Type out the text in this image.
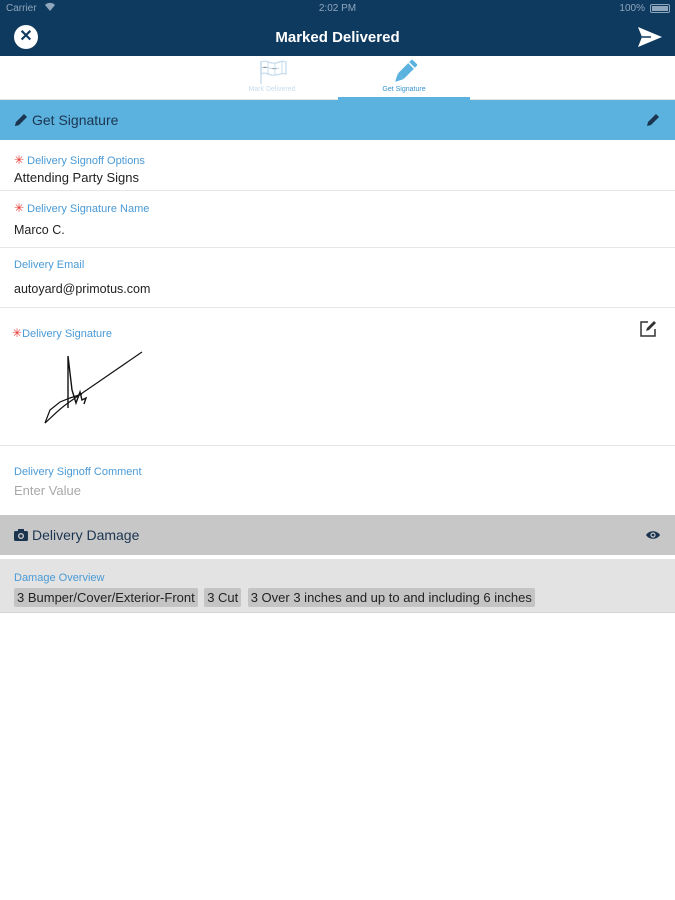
Carrier	2:02 PM	100%
✕	Marked Delivered
Mark Delivered	Get Signature
Get Signature
✳ Delivery Signoff Options
Attending Party Signs
✳ Delivery Signature Name
Marco C.
Delivery Email
autoyard@primotus.com
✳Delivery Signature
Delivery Signoff Comment
Enter Value
Delivery Damage
Damage Overview
3 Bumper/Cover/Exterior-Front 3 Cut 3 Over 3 inches and up to and including 6 inches
